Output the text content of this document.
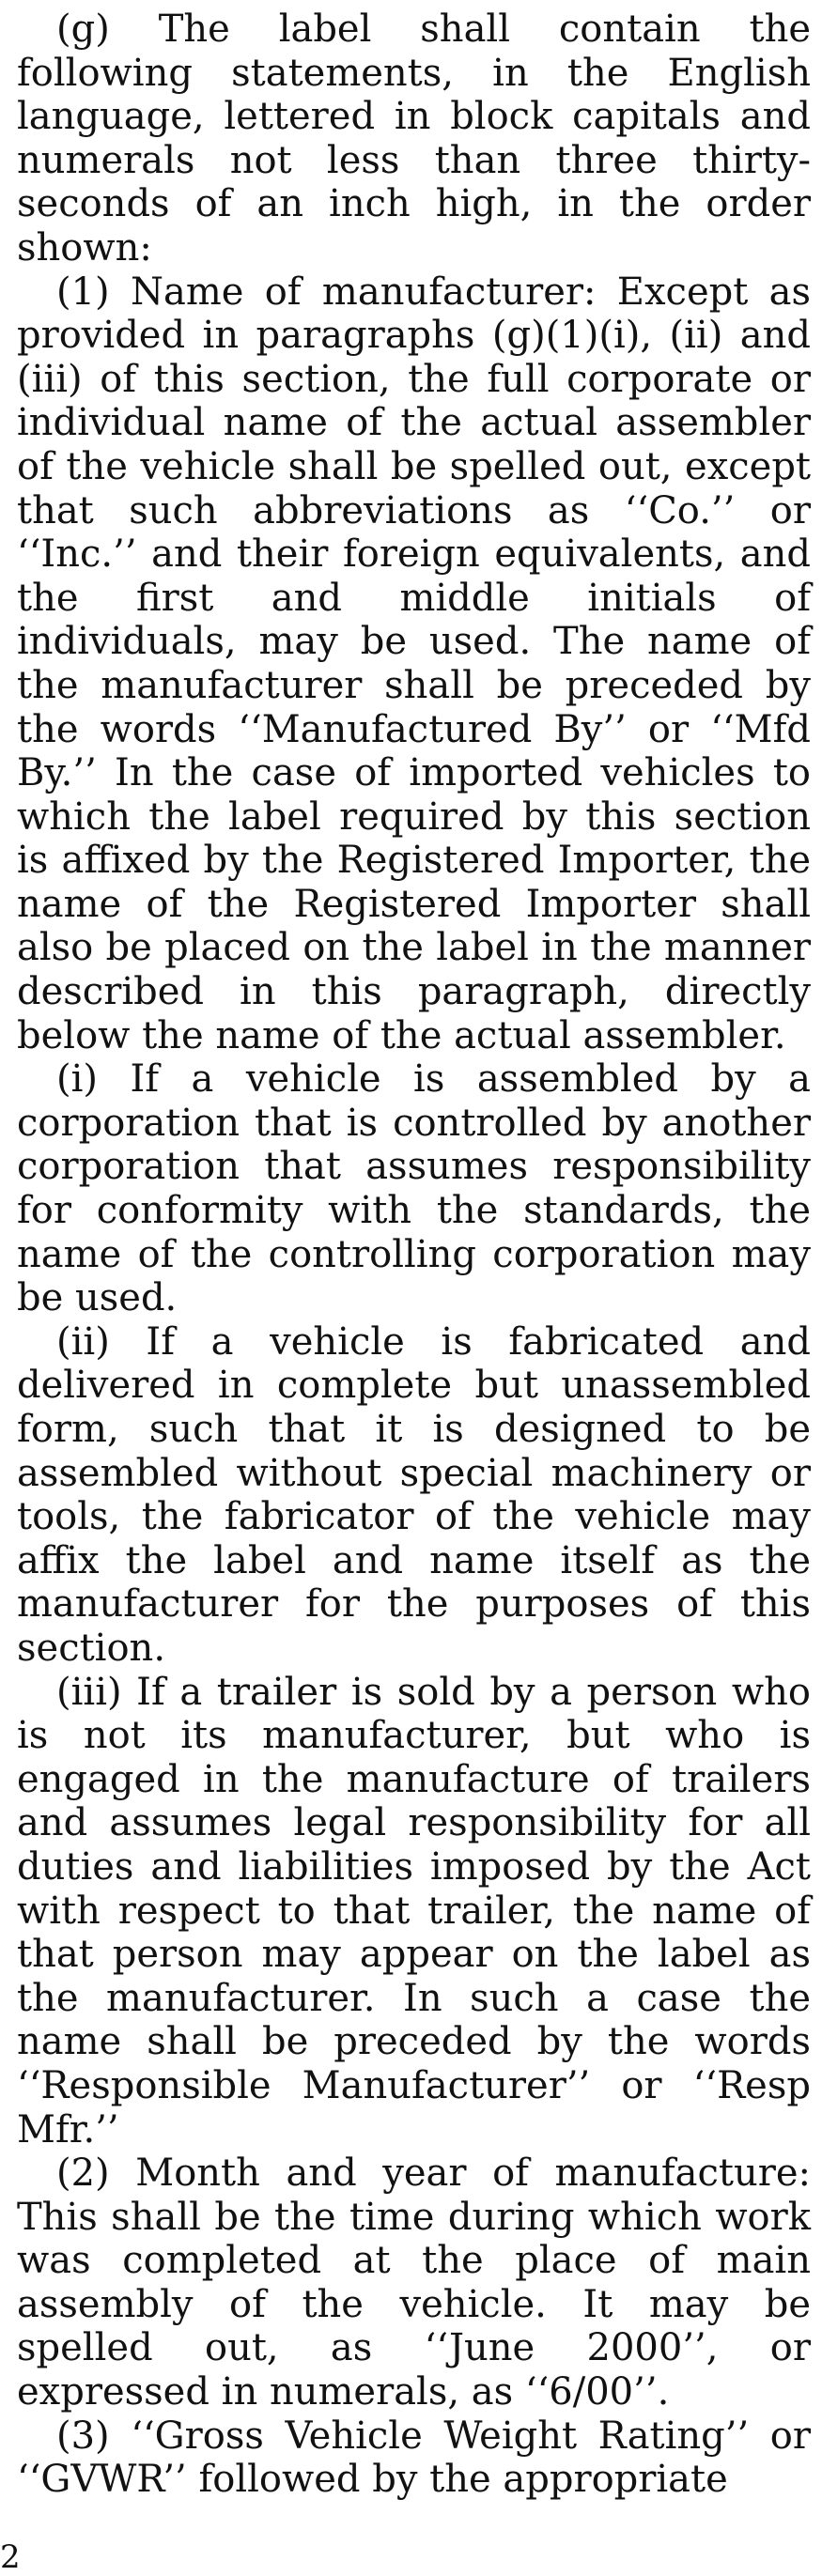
(g) The label shall contain the following statements, in the English language, lettered in block capitals and numerals not less than three thirty-seconds of an inch high, in the order shown:

(1) Name of manufacturer: Except as provided in paragraphs (g)(1)(i), (ii) and (iii) of this section, the full corporate or individual name of the actual assembler of the vehicle shall be spelled out, except that such abbreviations as ‘‘Co.’’ or ‘‘Inc.’’ and their foreign equivalents, and the first and middle initials of individuals, may be used. The name of the manufacturer shall be preceded by the words ‘‘Manufactured By’’ or ‘‘Mfd By.’’ In the case of imported vehicles to which the label required by this section is affixed by the Registered Importer, the name of the Registered Importer shall also be placed on the label in the manner described in this paragraph, directly below the name of the actual assembler.

(i) If a vehicle is assembled by a corporation that is controlled by another corporation that assumes responsibility for conformity with the standards, the name of the controlling corporation may be used.

(ii) If a vehicle is fabricated and delivered in complete but unassembled form, such that it is designed to be assembled without special machinery or tools, the fabricator of the vehicle may affix the label and name itself as the manufacturer for the purposes of this section.

(iii) If a trailer is sold by a person who is not its manufacturer, but who is engaged in the manufacture of trailers and assumes legal responsibility for all duties and liabilities imposed by the Act with respect to that trailer, the name of that person may appear on the label as the manufacturer. In such a case the name shall be preceded by the words ‘‘Responsible Manufacturer’’ or ‘‘Resp Mfr.’’

(2) Month and year of manufacture: This shall be the time during which work was completed at the place of main assembly of the vehicle. It may be spelled out, as ‘‘June 2000’’, or expressed in numerals, as ‘‘6/00’’.

(3) ‘‘Gross Vehicle Weight Rating’’ or ‘‘GVWR’’ followed by the appropriate

2
